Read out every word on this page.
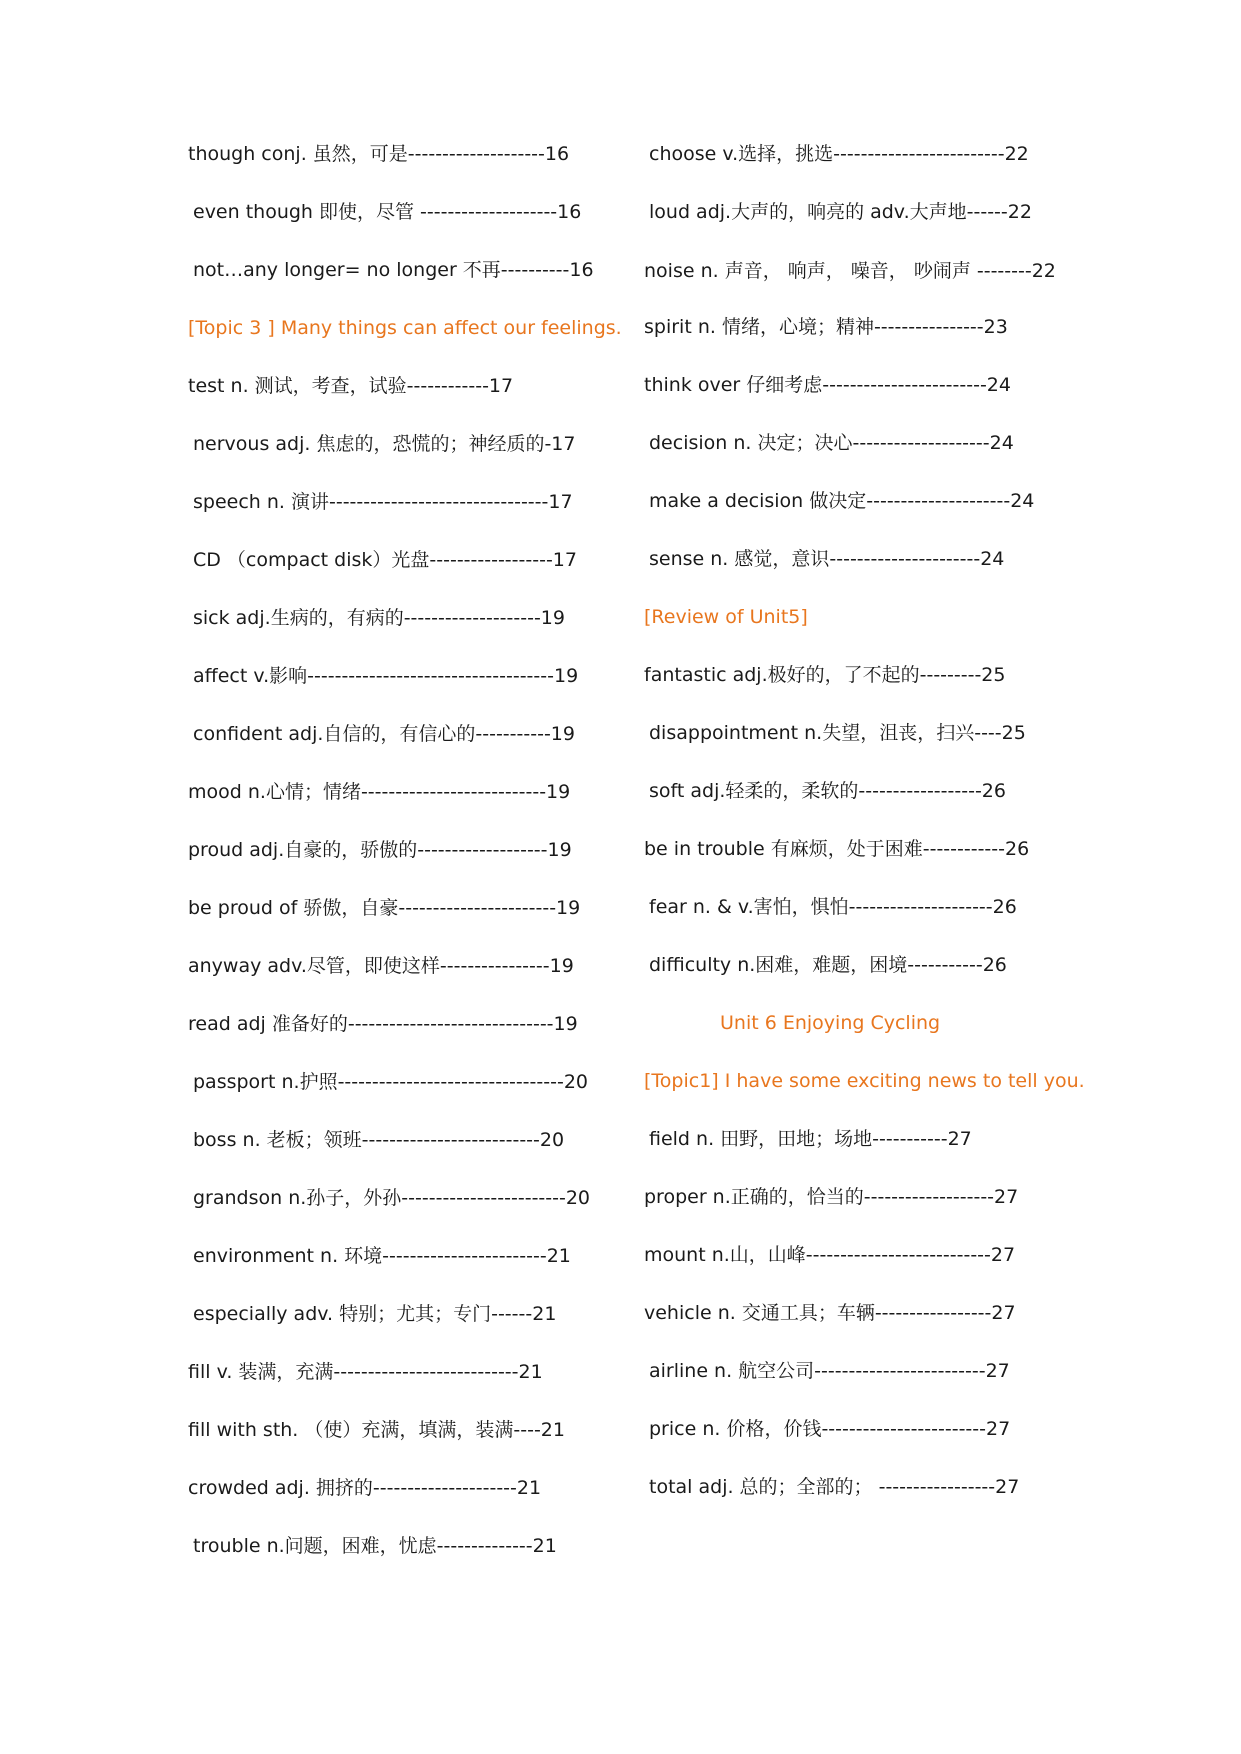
though conj. 虽然，可是--------------------16
even though 即使，尽管 --------------------16
not…any longer= no longer 不再----------16
[Topic 3 ] Many things can affect our feelings.
test n. 测试，考查，试验------------17
nervous adj. 焦虑的，恐慌的；神经质的-17
speech n. 演讲--------------------------------17
CD （compact disk）光盘------------------17
sick adj.生病的，有病的--------------------19
affect v.影响------------------------------------19
confident adj.自信的，有信心的-----------19
mood n.心情；情绪---------------------------19
proud adj.自豪的，骄傲的-------------------19
be proud of 骄傲，自豪-----------------------19
anyway adv.尽管，即使这样----------------19
read adj 准备好的------------------------------19
passport n.护照---------------------------------20
boss n. 老板；领班--------------------------20
grandson n.孙子，外孙------------------------20
environment n. 环境------------------------21
especially adv. 特别；尤其；专门------21
fill v. 装满，充满---------------------------21
fill with sth. （使）充满，填满，装满----21
crowded adj. 拥挤的---------------------21
trouble n.问题，困难，忧虑--------------21
choose v.选择，挑选-------------------------22
loud adj.大声的，响亮的 adv.大声地------22
noise n. 声音， 响声， 噪音， 吵闹声 --------22
spirit n. 情绪，心境；精神----------------23
think over 仔细考虑------------------------24
decision n. 决定；决心--------------------24
make a decision 做决定---------------------24
sense n. 感觉，意识----------------------24
[Review of Unit5]
fantastic adj.极好的，了不起的---------25
disappointment n.失望，沮丧，扫兴----25
soft adj.轻柔的，柔软的------------------26
be in trouble 有麻烦，处于困难------------26
fear n. & v.害怕，惧怕---------------------26
difficulty n.困难，难题，困境-----------26
Unit 6 Enjoying Cycling
[Topic1] I have some exciting news to tell you.
field n. 田野，田地；场地-----------27
proper n.正确的，恰当的-------------------27
mount n.山，山峰---------------------------27
vehicle n. 交通工具；车辆-----------------27
airline n. 航空公司-------------------------27
price n. 价格，价钱------------------------27
total adj. 总的；全部的； -----------------27
